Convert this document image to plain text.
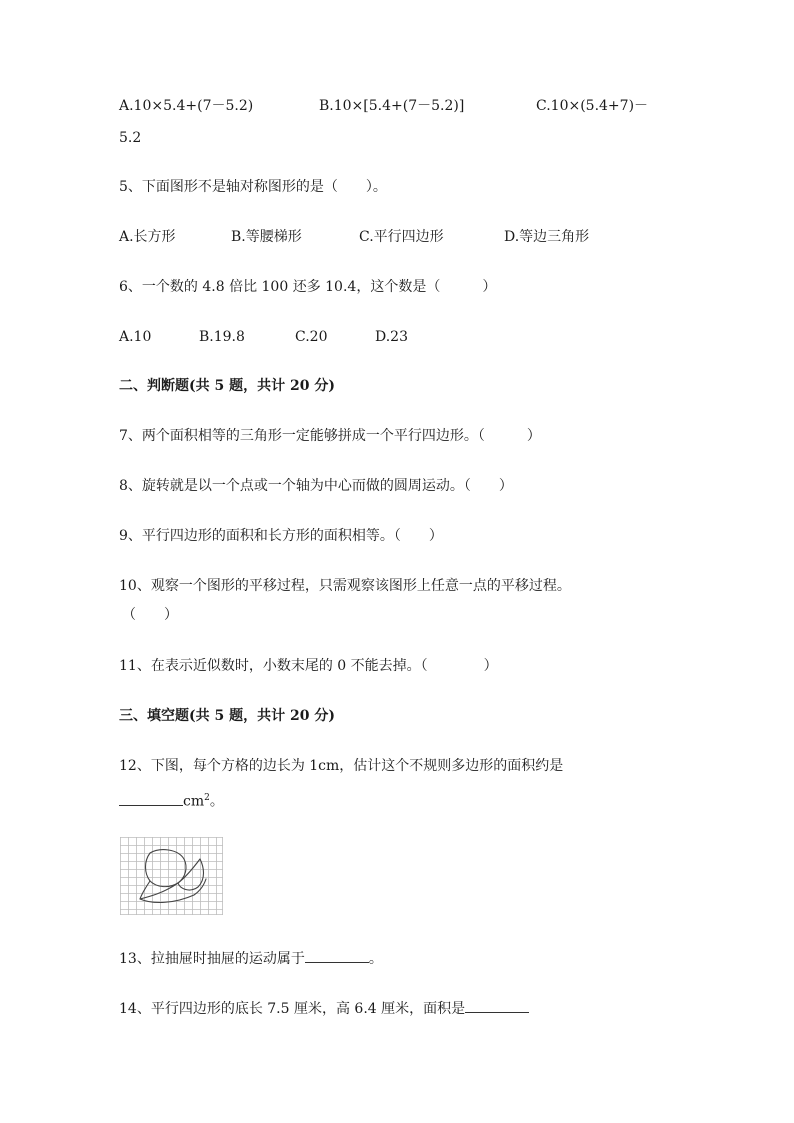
A.10×5.4+(7－5.2)	B.10×[5.4+(7－5.2)]	C.10×(5.4+7)－
5.2
5、下面图形不是轴对称图形的是（　　）。
A.长方形	B.等腰梯形	C.平行四边形	D.等边三角形
6、一个数的 4.8 倍比 100 还多 10.4，这个数是（　　　）
A.10	B.19.8	C.20	D.23
二、判断题(共 5 题，共计 20 分)
7、两个面积相等的三角形一定能够拼成一个平行四边形。（　　　）
8、旋转就是以一个点或一个轴为中心而做的圆周运动。（　　）
9、平行四边形的面积和长方形的面积相等。（　　）
10、观察一个图形的平移过程，只需观察该图形上任意一点的平移过程。
（　　）
11、在表示近似数时，小数末尾的 0 不能去掉。（　　　　）
三、填空题(共 5 题，共计 20 分)
12、下图，每个方格的边长为 1cm，估计这个不规则多边形的面积约是
$cm^2$。
13、拉抽屉时抽屉的运动属于	。
14、平行四边形的底长 7.5 厘米，高 6.4 厘米，面积是
